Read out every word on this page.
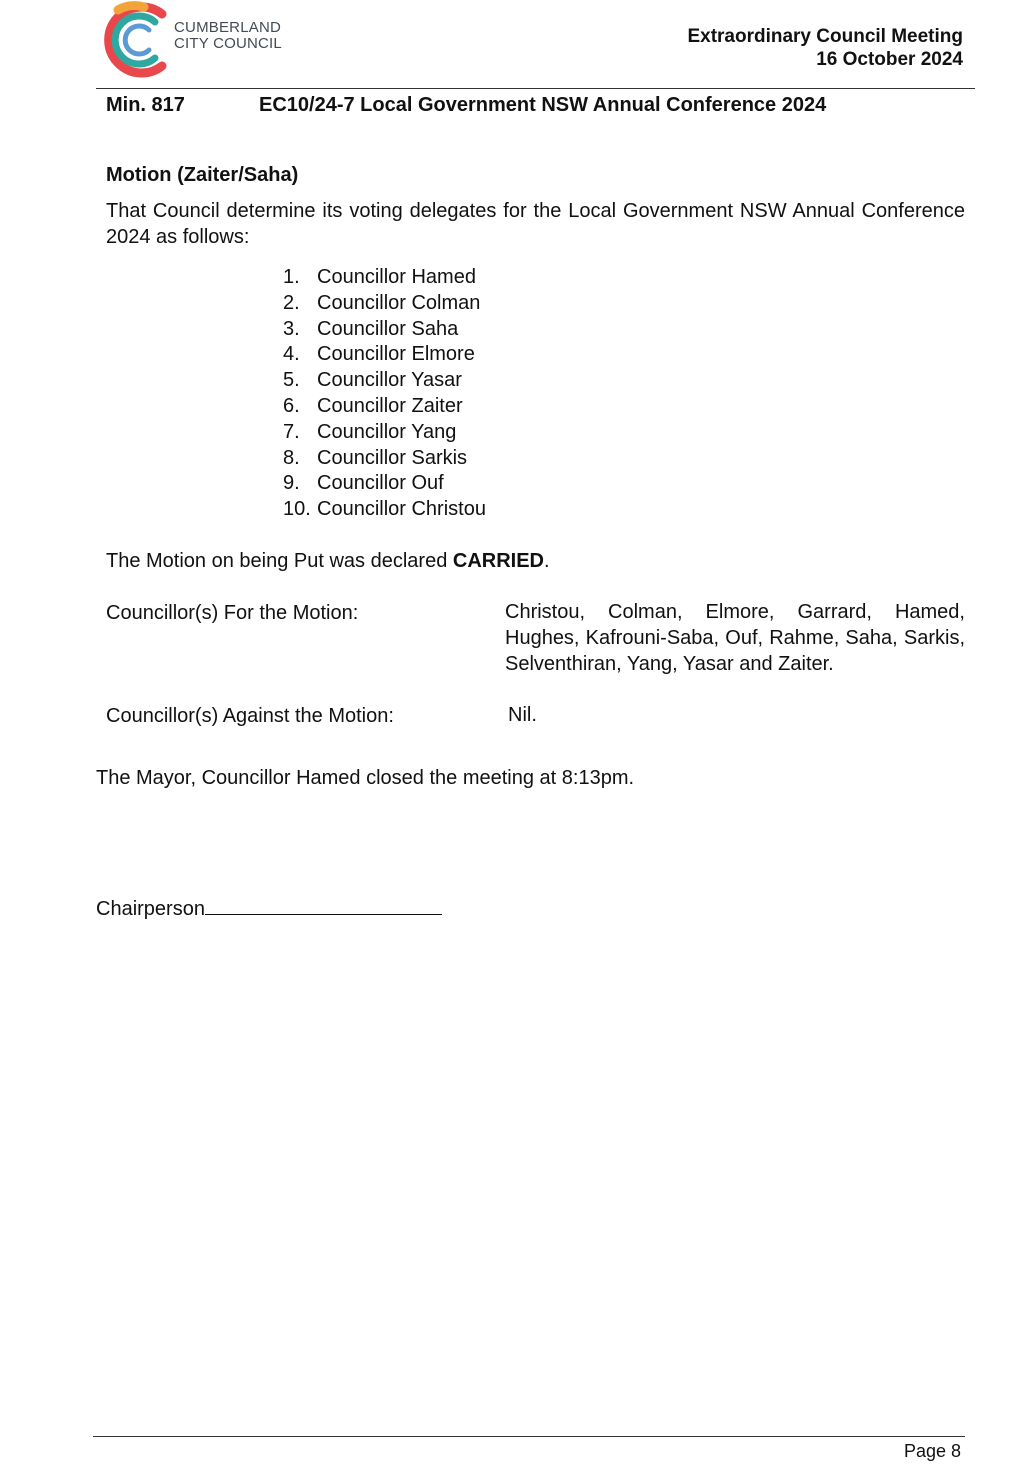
CUMBERLAND
CITY COUNCIL	Extraordinary Council Meeting
16 October 2024
Min. 817	EC10/24-7 Local Government NSW Annual Conference 2024
Motion (Zaiter/Saha)
That Council determine its voting delegates for the Local Government NSW Annual Conference 2024 as follows:
1. Councillor Hamed
2. Councillor Colman
3. Councillor Saha
4. Councillor Elmore
5. Councillor Yasar
6. Councillor Zaiter
7. Councillor Yang
8. Councillor Sarkis
9. Councillor Ouf
10. Councillor Christou
The Motion on being Put was declared CARRIED.
Councillor(s) For the Motion:	Christou, Colman, Elmore, Garrard, Hamed, Hughes, Kafrouni-Saba, Ouf, Rahme, Saha, Sarkis, Selventhiran, Yang, Yasar and Zaiter.
Councillor(s) Against the Motion:	Nil.
The Mayor, Councillor Hamed closed the meeting at 8:13pm.
Chairperson
Page 8
